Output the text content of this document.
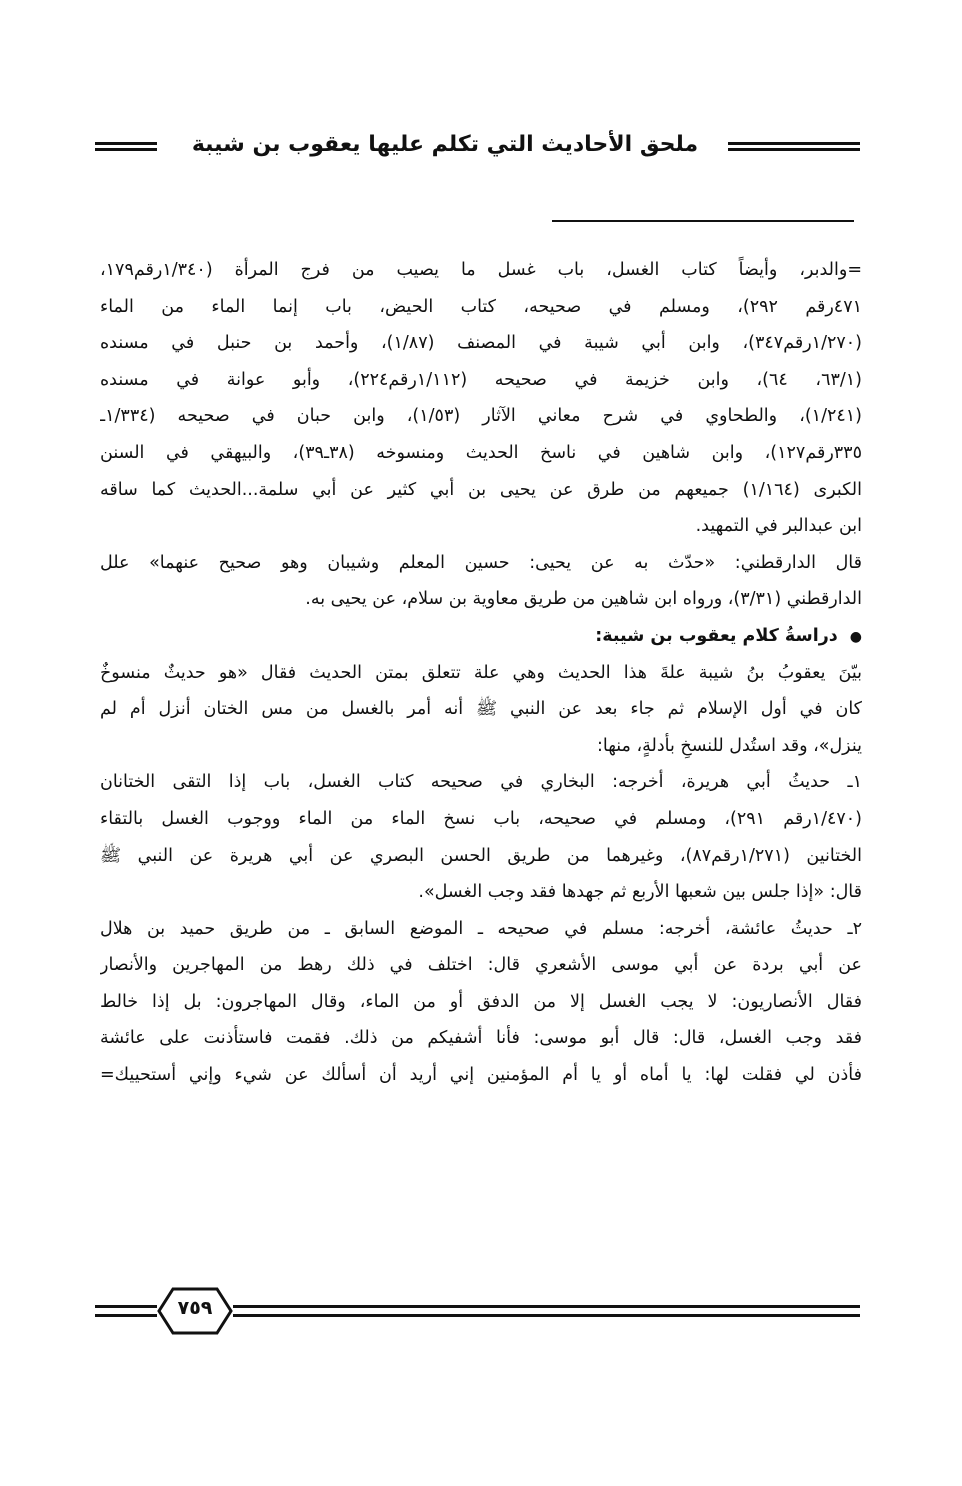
ملحق الأحاديث التي تكلم عليها يعقوب بن شيبة
=والدبر، وأيضاً كتاب الغسل، باب غسل ما يصيب من فرج المرأة (١/٣٤٠رقم١٧٩،
٤٧١رقم ٢٩٢)، ومسلم في صحيحه، كتاب الحيض، باب إنما الماء من الماء
(١/٢٧٠رقم٣٤٧)، وابن أبي شيبة في المصنف (١/٨٧)، وأحمد بن حنبل في مسنده
(٦٣/١، ٦٤)، وابن خزيمة في صحيحه (١/١١٢رقم٢٢٤)، وأبو عوانة في مسنده
(١/٢٤١)، والطحاوي في شرح معاني الآثار (١/٥٣)، وابن حبان في صحيحه (١/٣٣٤ـ
٣٣٥رقم١٢٧)، وابن شاهين في ناسخ الحديث ومنسوخه (٣٨ـ٣٩)، والبيهقي في السنن
الكبرى (١/١٦٤) جميعهم من طرق عن يحيى بن أبي كثير عن أبي سلمة...الحديث كما ساقه
ابن عبدالبر في التمهيد.
قال الدارقطني: «حدّث به عن يحيى: حسين المعلم وشيبان وهو صحيح عنهما» علل
الدارقطني (٣/٣١)، ورواه ابن شاهين من طريق معاوية بن سلام، عن يحيى به.
●دراسةُ كلام يعقوب بن شيبة:
بيّنَ يعقوبُ بنُ شيبة علةَ هذا الحديث وهي علة تتعلق بمتن الحديث فقال «هو حديثٌ منسوخٌ
كان في أول الإسلام ثم جاء بعد عن النبي ﷺ أنه أمر بالغسل من مس الختان أنزل أم لم
ينزل»، وقد استُدل للنسخِ بأدلةٍ، منها:
١ـ حديثُ أبي هريرة، أخرجه: البخاري في صحيحه كتاب الغسل، باب إذا التقى الختانان
(١/٤٧٠رقم ٢٩١)، ومسلم في صحيحه، باب نسخ الماء من الماء ووجوب الغسل بالتقاء
الختانين (١/٢٧١رقم٨٧)، وغيرهما من طريق الحسن البصري عن أبي هريرة عن النبي ﷺ
قال: «إذا جلس بين شعبها الأربع ثم جهدها فقد وجب الغسل».
٢ـ حديثُ عائشة، أخرجه: مسلم في صحيحه ـ الموضع السابق ـ من طريق حميد بن هلال
عن أبي بردة عن أبي موسى الأشعري قال: اختلف في ذلك رهط من المهاجرين والأنصار
فقال الأنصاريون: لا يجب الغسل إلا من الدفق أو من الماء، وقال المهاجرون: بل إذا خالط
فقد وجب الغسل، قال: قال أبو موسى: فأنا أشفيكم من ذلك. فقمت فاستأذنت على عائشة
فأذن لي فقلت لها: يا أماه أو يا أم المؤمنين إني أريد أن أسألك عن شيء وإني أستحييك=
٧٥٩
